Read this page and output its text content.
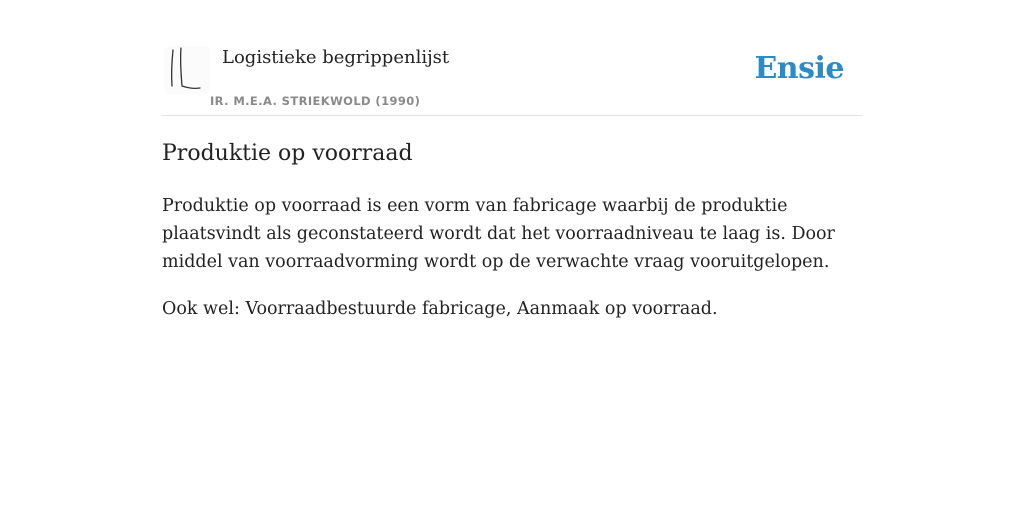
Logistieke begrippenlijst
IR. M.E.A. STRIEKWOLD (1990)
Ensie
Produktie op voorraad

Produktie op voorraad is een vorm van fabricage waarbij de produktie plaatsvindt als geconstateerd wordt dat het voorraadniveau te laag is. Door middel van voorraadvorming wordt op de verwachte vraag vooruitgelopen.

Ook wel: Voorraadbestuurde fabricage, Aanmaak op voorraad.
